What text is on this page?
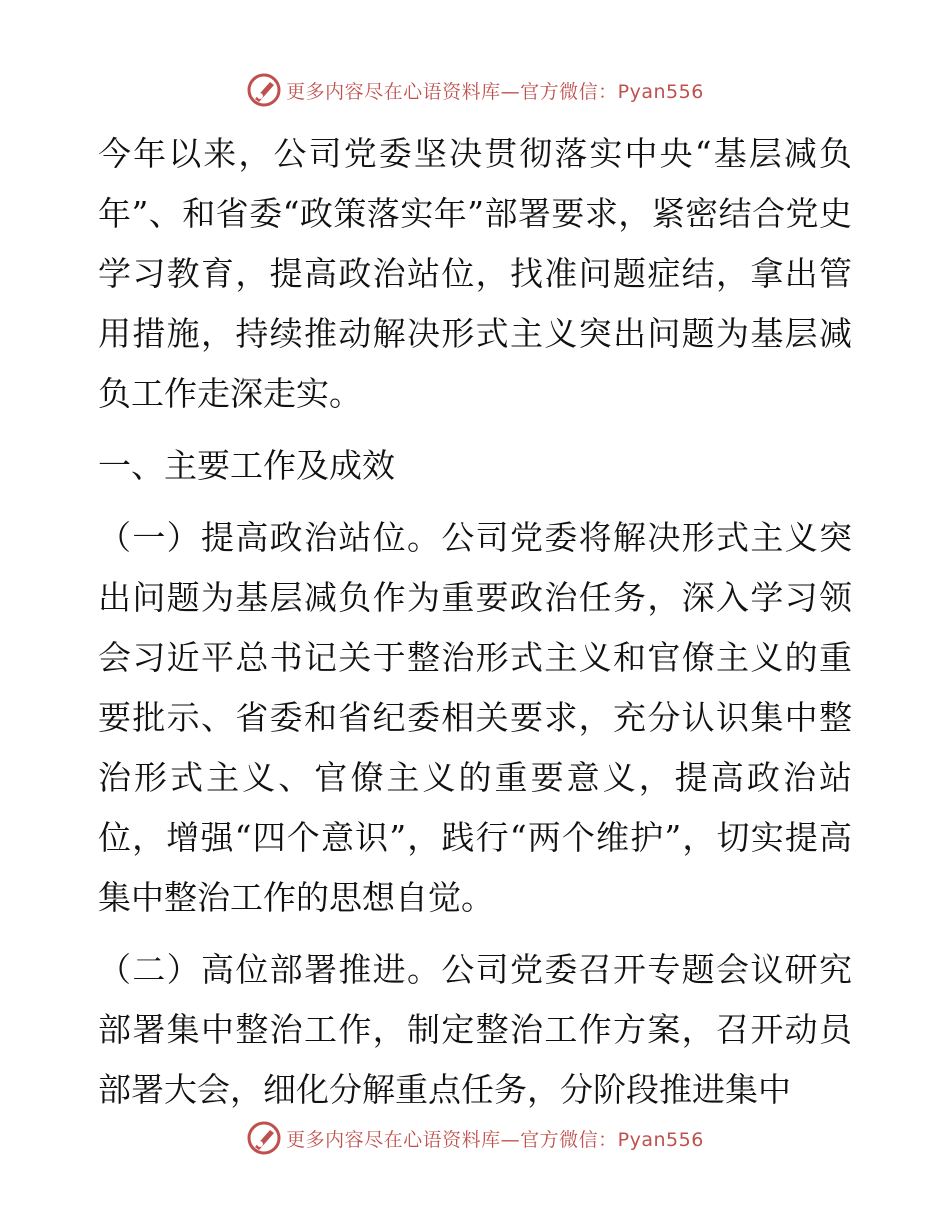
更多内容尽在心语资料库—官方微信：Pyan556

今年以来，公司党委坚决贯彻落实中央“基层减负年”、和省委“政策落实年”部署要求，紧密结合党史学习教育，提高政治站位，找准问题症结，拿出管用措施，持续推动解决形式主义突出问题为基层减负工作走深走实。

一、主要工作及成效

（一）提高政治站位。公司党委将解决形式主义突出问题为基层减负作为重要政治任务，深入学习领会习近平总书记关于整治形式主义和官僚主义的重要批示、省委和省纪委相关要求，充分认识集中整治形式主义、官僚主义的重要意义，提高政治站位，增强“四个意识”，践行“两个维护”，切实提高集中整治工作的思想自觉。

（二）高位部署推进。公司党委召开专题会议研究部署集中整治工作，制定整治工作方案，召开动员部署大会，细化分解重点任务，分阶段推进集中

更多内容尽在心语资料库—官方微信：Pyan556
